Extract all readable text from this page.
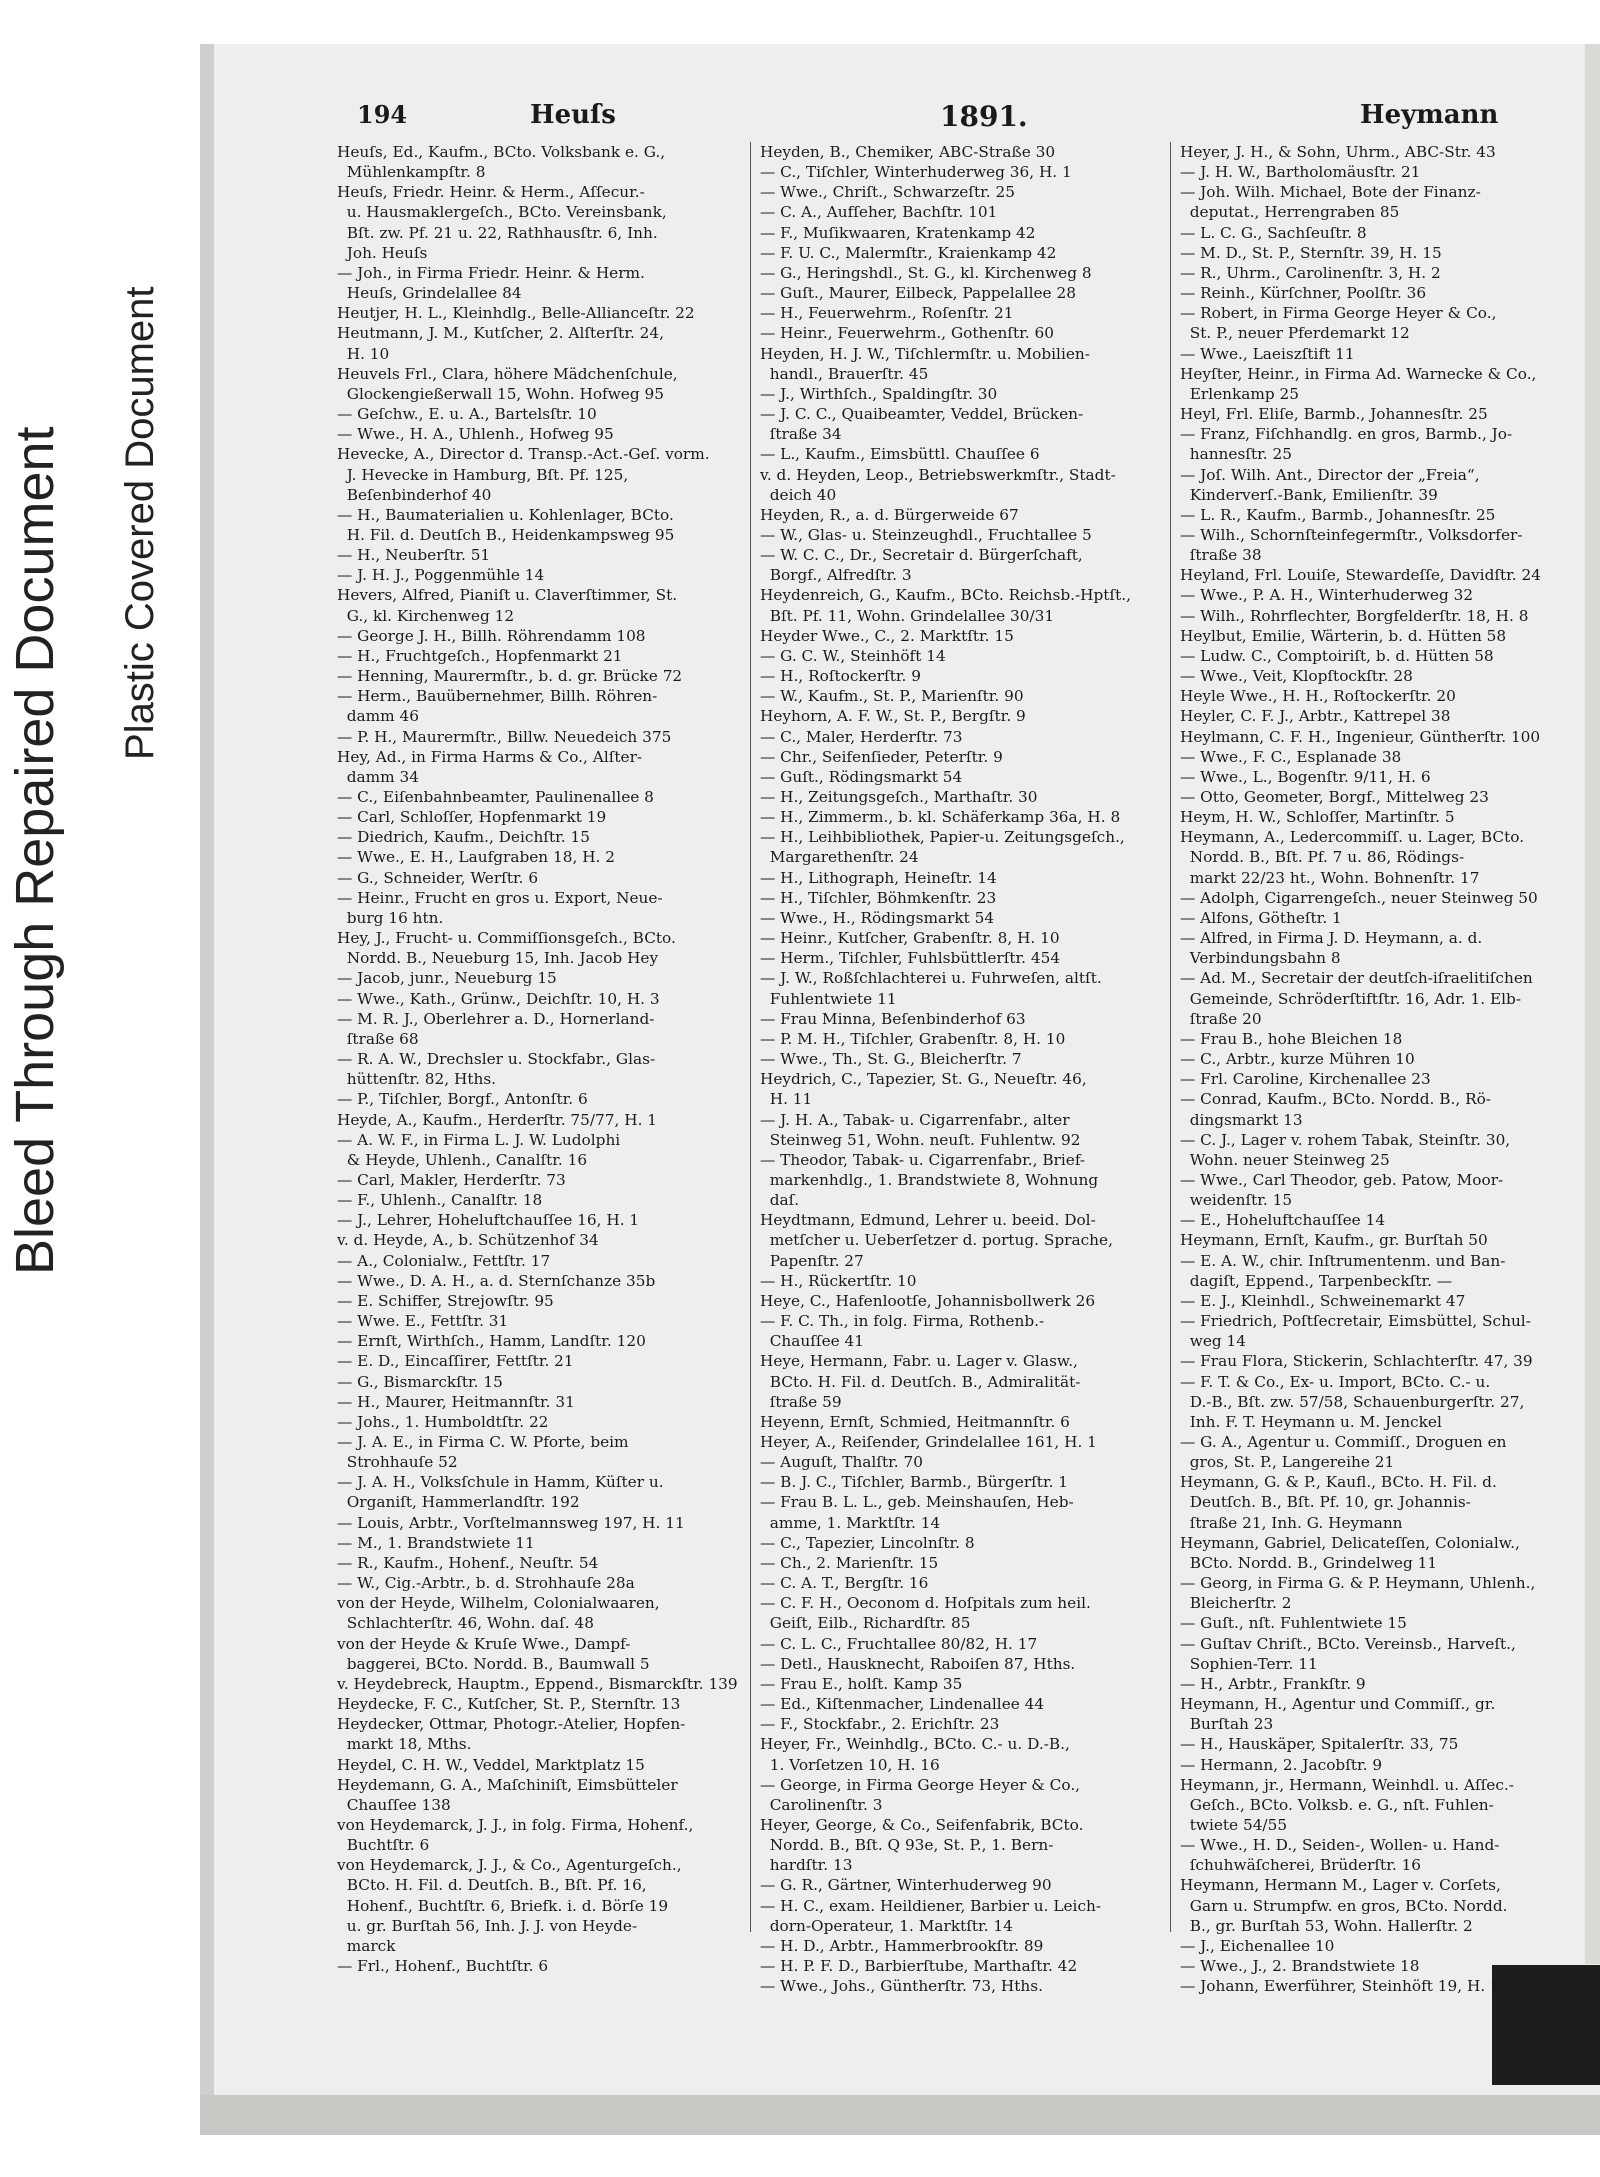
Bleed Through Repaired Document Plastic Covered Document
194	Heuſs	1891.	Heymann
Heuſs, Ed., Kaufm., BCto. Volksbank e. G.,
Mühlenkampſtr. 8
Heuſs, Friedr. Heinr. & Herm., Aſſecur.-
u. Hausmaklergeſch., BCto. Vereinsbank,
Bſt. zw. Pf. 21 u. 22, Rathhausſtr. 6, Inh.
Joh. Heuſs
— Joh., in Firma Friedr. Heinr. & Herm.
Heuſs, Grindelallee 84
Heutjer, H. L., Kleinhdlg., Belle-Allianceſtr. 22
Heutmann, J. M., Kutſcher, 2. Alſterſtr. 24,
H. 10
Heuvels Frl., Clara, höhere Mädchenſchule,
Glockengießerwall 15, Wohn. Hofweg 95
— Geſchw., E. u. A., Bartelsſtr. 10
— Wwe., H. A., Uhlenh., Hofweg 95
Hevecke, A., Director d. Transp.-Act.-Geſ. vorm.
J. Hevecke in Hamburg, Bſt. Pf. 125,
Beſenbinderhof 40
— H., Baumaterialien u. Kohlenlager, BCto.
H. Fil. d. Deutſch B., Heidenkampsweg 95
— H., Neuberſtr. 51
— J. H. J., Poggenmühle 14
Hevers, Alfred, Pianiſt u. Claverſtimmer, St.
G., kl. Kirchenweg 12
— George J. H., Billh. Röhrendamm 108
— H., Fruchtgeſch., Hopfenmarkt 21
— Henning, Maurermſtr., b. d. gr. Brücke 72
— Herm., Bauübernehmer, Billh. Röhren-
damm 46
— P. H., Maurermſtr., Billw. Neuedeich 375
Hey, Ad., in Firma Harms & Co., Alſter-
damm 34
— C., Eiſenbahnbeamter, Paulinenallee 8
— Carl, Schloſſer, Hopfenmarkt 19
— Diedrich, Kaufm., Deichſtr. 15
— Wwe., E. H., Laufgraben 18, H. 2
— G., Schneider, Werſtr. 6
— Heinr., Frucht en gros u. Export, Neue-
burg 16 htn.
Hey, J., Frucht- u. Commiſſionsgeſch., BCto.
Nordd. B., Neueburg 15, Inh. Jacob Hey
— Jacob, junr., Neueburg 15
— Wwe., Kath., Grünw., Deichſtr. 10, H. 3
— M. R. J., Oberlehrer a. D., Hornerland-
ſtraße 68
— R. A. W., Drechsler u. Stockfabr., Glas-
hüttenſtr. 82, Hths.
— P., Tiſchler, Borgf., Antonſtr. 6
Heyde, A., Kaufm., Herderſtr. 75/77, H. 1
— A. W. F., in Firma L. J. W. Ludolphi
& Heyde, Uhlenh., Canalſtr. 16
— Carl, Makler, Herderſtr. 73
— F., Uhlenh., Canalſtr. 18
— J., Lehrer, Hoheluftchauſſee 16, H. 1
v. d. Heyde, A., b. Schützenhof 34
— A., Colonialw., Fettſtr. 17
— Wwe., D. A. H., a. d. Sternſchanze 35b
— E. Schiffer, Strejowſtr. 95
— Wwe. E., Fettſtr. 31
— Ernſt, Wirthſch., Hamm, Landſtr. 120
— E. D., Eincaſſirer, Fettſtr. 21
— G., Bismarckſtr. 15
— H., Maurer, Heitmannſtr. 31
— Johs., 1. Humboldtſtr. 22
— J. A. E., in Firma C. W. Pforte, beim
Strohhauſe 52
— J. A. H., Volksſchule in Hamm, Küſter u.
Organiſt, Hammerlandſtr. 192
— Louis, Arbtr., Vorſtelmannsweg 197, H. 11
— M., 1. Brandstwiete 11
— R., Kaufm., Hohenf., Neuſtr. 54
— W., Cig.-Arbtr., b. d. Strohhauſe 28a
von der Heyde, Wilhelm, Colonialwaaren,
Schlachterſtr. 46, Wohn. daſ. 48
von der Heyde & Kruſe Wwe., Dampf-
baggerei, BCto. Nordd. B., Baumwall 5
v. Heydebreck, Hauptm., Eppend., Bismarckſtr. 139
Heydecke, F. C., Kutſcher, St. P., Sternſtr. 13
Heydecker, Ottmar, Photogr.-Atelier, Hopfen-
markt 18, Mths.
Heydel, C. H. W., Veddel, Marktplatz 15
Heydemann, G. A., Maſchiniſt, Eimsbütteler
Chauſſee 138
von Heydemarck, J. J., in folg. Firma, Hohenf.,
Buchtſtr. 6
von Heydemarck, J. J., & Co., Agenturgeſch.,
BCto. H. Fil. d. Deutſch. B., Bſt. Pf. 16,
Hohenf., Buchtſtr. 6, Briefk. i. d. Börſe 19
u. gr. Burſtah 56, Inh. J. J. von Heyde-
marck
— Frl., Hohenf., Buchtſtr. 6
Heyden, B., Chemiker, ABC-Straße 30
— C., Tiſchler, Winterhuderweg 36, H. 1
— Wwe., Chriſt., Schwarzeſtr. 25
— C. A., Aufſeher, Bachſtr. 101
— F., Muſikwaaren, Kratenkamp 42
— F. U. C., Malermſtr., Kraienkamp 42
— G., Heringshdl., St. G., kl. Kirchenweg 8
— Guſt., Maurer, Eilbeck, Pappelallee 28
— H., Feuerwehrm., Roſenſtr. 21
— Heinr., Feuerwehrm., Gothenſtr. 60
Heyden, H. J. W., Tiſchlermſtr. u. Mobilien-
handl., Brauerſtr. 45
— J., Wirthſch., Spaldingſtr. 30
— J. C. C., Quaibeamter, Veddel, Brücken-
ſtraße 34
— L., Kaufm., Eimsbüttl. Chauſſee 6
v. d. Heyden, Leop., Betriebswerkmſtr., Stadt-
deich 40
Heyden, R., a. d. Bürgerweide 67
— W., Glas- u. Steinzeughdl., Fruchtallee 5
— W. C. C., Dr., Secretair d. Bürgerſchaft,
Borgf., Alfredſtr. 3
Heydenreich, G., Kaufm., BCto. Reichsb.-Hptſt.,
Bſt. Pf. 11, Wohn. Grindelallee 30/31
Heyder Wwe., C., 2. Marktſtr. 15
— G. C. W., Steinhöft 14
— H., Roſtockerſtr. 9
— W., Kaufm., St. P., Marienſtr. 90
Heyhorn, A. F. W., St. P., Bergſtr. 9
— C., Maler, Herderſtr. 73
— Chr., Seifenſieder, Peterſtr. 9
— Guſt., Rödingsmarkt 54
— H., Zeitungsgeſch., Marthaſtr. 30
— H., Zimmerm., b. kl. Schäferkamp 36a, H. 8
— H., Leihbibliothek, Papier-u. Zeitungsgeſch.,
Margarethenſtr. 24
— H., Lithograph, Heineſtr. 14
— H., Tiſchler, Böhmkenſtr. 23
— Wwe., H., Rödingsmarkt 54
— Heinr., Kutſcher, Grabenſtr. 8, H. 10
— Herm., Tiſchler, Fuhlsbüttlerſtr. 454
— J. W., Roßſchlachterei u. Fuhrweſen, altſt.
Fuhlentwiete 11
— Frau Minna, Beſenbinderhof 63
— P. M. H., Tiſchler, Grabenſtr. 8, H. 10
— Wwe., Th., St. G., Bleicherſtr. 7
Heydrich, C., Tapezier, St. G., Neueſtr. 46,
H. 11
— J. H. A., Tabak- u. Cigarrenfabr., alter
Steinweg 51, Wohn. neuſt. Fuhlentw. 92
— Theodor, Tabak- u. Cigarrenfabr., Brief-
markenhdlg., 1. Brandstwiete 8, Wohnung
daſ.
Heydtmann, Edmund, Lehrer u. beeid. Dol-
metſcher u. Ueberſetzer d. portug. Sprache,
Papenſtr. 27
— H., Rückertſtr. 10
Heye, C., Hafenlootſe, Johannisbollwerk 26
— F. C. Th., in folg. Firma, Rothenb.-
Chauſſee 41
Heye, Hermann, Fabr. u. Lager v. Glasw.,
BCto. H. Fil. d. Deutſch. B., Admiralität-
ſtraße 59
Heyenn, Ernſt, Schmied, Heitmannſtr. 6
Heyer, A., Reiſender, Grindelallee 161, H. 1
— Auguſt, Thalſtr. 70
— B. J. C., Tiſchler, Barmb., Bürgerſtr. 1
— Frau B. L. L., geb. Meinshauſen, Heb-
amme, 1. Marktſtr. 14
— C., Tapezier, Lincolnſtr. 8
— Ch., 2. Marienſtr. 15
— C. A. T., Bergſtr. 16
— C. F. H., Oeconom d. Hoſpitals zum heil.
Geiſt, Eilb., Richardſtr. 85
— C. L. C., Fruchtallee 80/82, H. 17
— Detl., Hausknecht, Raboiſen 87, Hths.
— Frau E., holſt. Kamp 35
— Ed., Kiſtenmacher, Lindenallee 44
— F., Stockfabr., 2. Erichſtr. 23
Heyer, Fr., Weinhdlg., BCto. C.- u. D.-B.,
1. Vorſetzen 10, H. 16
— George, in Firma George Heyer & Co.,
Carolinenſtr. 3
Heyer, George, & Co., Seifenfabrik, BCto.
Nordd. B., Bſt. Q 93e, St. P., 1. Bern-
hardſtr. 13
— G. R., Gärtner, Winterhuderweg 90
— H. C., exam. Heildiener, Barbier u. Leich-
dorn-Operateur, 1. Marktſtr. 14
— H. D., Arbtr., Hammerbrookſtr. 89
— H. P. F. D., Barbierſtube, Marthaſtr. 42
— Wwe., Johs., Güntherſtr. 73, Hths.
Heyer, J. H., & Sohn, Uhrm., ABC-Str. 43
— J. H. W., Bartholomäusſtr. 21
— Joh. Wilh. Michael, Bote der Finanz-
deputat., Herrengraben 85
— L. C. G., Sachſeuſtr. 8
— M. D., St. P., Sternſtr. 39, H. 15
— R., Uhrm., Carolinenſtr. 3, H. 2
— Reinh., Kürſchner, Poolſtr. 36
— Robert, in Firma George Heyer & Co.,
St. P., neuer Pferdemarkt 12
— Wwe., Laeiszſtift 11
Heyſter, Heinr., in Firma Ad. Warnecke & Co.,
Erlenkamp 25
Heyl, Frl. Eliſe, Barmb., Johannesſtr. 25
— Franz, Fiſchhandlg. en gros, Barmb., Jo-
hannesſtr. 25
— Joſ. Wilh. Ant., Director der „Freia“,
Kinderverſ.-Bank, Emilienſtr. 39
— L. R., Kaufm., Barmb., Johannesſtr. 25
— Wilh., Schornſteinfegermſtr., Volksdorfer-
ſtraße 38
Heyland, Frl. Louiſe, Stewardeſſe, Davidſtr. 24
— Wwe., P. A. H., Winterhuderweg 32
— Wilh., Rohrflechter, Borgfelderſtr. 18, H. 8
Heylbut, Emilie, Wärterin, b. d. Hütten 58
— Ludw. C., Comptoiriſt, b. d. Hütten 58
— Wwe., Veit, Klopſtockſtr. 28
Heyle Wwe., H. H., Roſtockerſtr. 20
Heyler, C. F. J., Arbtr., Kattrepel 38
Heylmann, C. F. H., Ingenieur, Güntherſtr. 100
— Wwe., F. C., Esplanade 38
— Wwe., L., Bogenſtr. 9/11, H. 6
— Otto, Geometer, Borgf., Mittelweg 23
Heym, H. W., Schloſſer, Martinſtr. 5
Heymann, A., Ledercommiſſ. u. Lager, BCto.
Nordd. B., Bſt. Pf. 7 u. 86, Rödings-
markt 22/23 ht., Wohn. Bohnenſtr. 17
— Adolph, Cigarrengeſch., neuer Steinweg 50
— Alfons, Götheſtr. 1
— Alfred, in Firma J. D. Heymann, a. d.
Verbindungsbahn 8
— Ad. M., Secretair der deutſch-iſraelitiſchen
Gemeinde, Schröderſtiftſtr. 16, Adr. 1. Elb-
ſtraße 20
— Frau B., hohe Bleichen 18
— C., Arbtr., kurze Mühren 10
— Frl. Caroline, Kirchenallee 23
— Conrad, Kaufm., BCto. Nordd. B., Rö-
dingsmarkt 13
— C. J., Lager v. rohem Tabak, Steinſtr. 30,
Wohn. neuer Steinweg 25
— Wwe., Carl Theodor, geb. Patow, Moor-
weidenſtr. 15
— E., Hoheluftchauſſee 14
Heymann, Ernſt, Kaufm., gr. Burſtah 50
— E. A. W., chir. Inſtrumentenm. und Ban-
dagiſt, Eppend., Tarpenbeckſtr. —
— E. J., Kleinhdl., Schweinemarkt 47
— Friedrich, Poſtſecretair, Eimsbüttel, Schul-
weg 14
— Frau Flora, Stickerin, Schlachterſtr. 47, 39
— F. T. & Co., Ex- u. Import, BCto. C.- u.
D.-B., Bſt. zw. 57/58, Schauenburgerſtr. 27,
Inh. F. T. Heymann u. M. Jenckel
— G. A., Agentur u. Commiſſ., Droguen en
gros, St. P., Langereihe 21
Heymann, G. & P., Kaufl., BCto. H. Fil. d.
Deutſch. B., Bſt. Pf. 10, gr. Johannis-
ſtraße 21, Inh. G. Heymann
Heymann, Gabriel, Delicateſſen, Colonialw.,
BCto. Nordd. B., Grindelweg 11
— Georg, in Firma G. & P. Heymann, Uhlenh.,
Bleicherſtr. 2
— Guſt., nſt. Fuhlentwiete 15
— Guſtav Chriſt., BCto. Vereinsb., Harveſt.,
Sophien-Terr. 11
— H., Arbtr., Frankſtr. 9
Heymann, H., Agentur und Commiſſ., gr.
Burſtah 23
— H., Hauskäper, Spitalerſtr. 33, 75
— Hermann, 2. Jacobſtr. 9
Heymann, jr., Hermann, Weinhdl. u. Aſſec.-
Geſch., BCto. Volksb. e. G., nſt. Fuhlen-
twiete 54/55
— Wwe., H. D., Seiden-, Wollen- u. Hand-
ſchuhwäſcherei, Brüderſtr. 16
Heymann, Hermann M., Lager v. Corſets,
Garn u. Strumpfw. en gros, BCto. Nordd.
B., gr. Burſtah 53, Wohn. Hallerſtr. 2
— J., Eichenallee 10
— Wwe., J., 2. Brandstwiete 18
— Johann, Ewerführer, Steinhöft 19, H. 1
